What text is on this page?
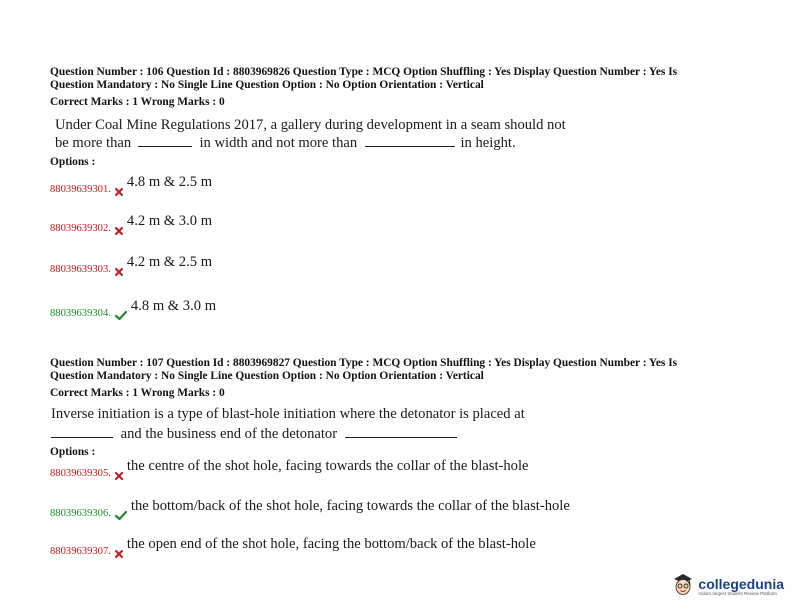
Question Number : 106 Question Id : 8803969826 Question Type : MCQ Option Shuffling : Yes Display Question Number : Yes Is
Question Mandatory : No Single Line Question Option : No Option Orientation : Vertical
Correct Marks : 1 Wrong Marks : 0
Under Coal Mine Regulations 2017, a gallery during development in a seam should not
be more than	in width and not more than	in height.
Options :
88039639301. 4.8 m & 2.5 m
88039639302. 4.2 m & 3.0 m
88039639303. 4.2 m & 2.5 m
88039639304. 4.8 m & 3.0 m
Question Number : 107 Question Id : 8803969827 Question Type : MCQ Option Shuffling : Yes Display Question Number : Yes Is
Question Mandatory : No Single Line Question Option : No Option Orientation : Vertical
Correct Marks : 1 Wrong Marks : 0
Inverse initiation is a type of blast-hole initiation where the detonator is placed at
and the business end of the detonator
Options :
88039639305. the centre of the shot hole, facing towards the collar of the blast-hole
88039639306. the bottom/back of the shot hole, facing towards the collar of the blast-hole
88039639307. the open end of the shot hole, facing the bottom/back of the blast-hole
collegedunia
India's largest Student Review Platform
